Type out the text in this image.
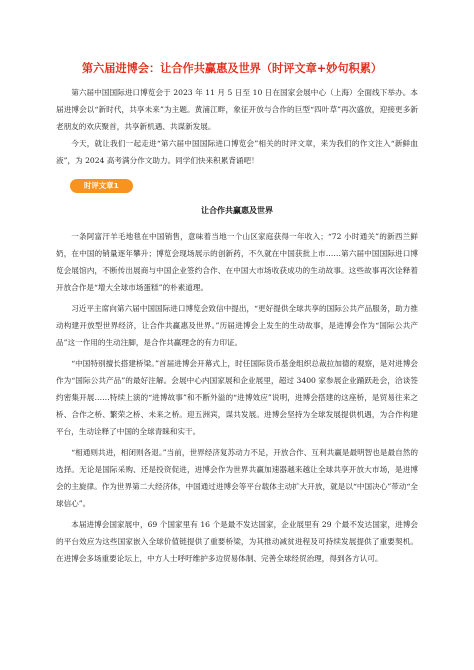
第六届进博会：让合作共赢惠及世界（时评文章+妙句积累）

第六届中国国际进口博览会于 2023 年 11 月 5 日至 10 日在国家会展中心（上海）全面线下举办。本届进博会以“新时代，共享未来”为主题。黄浦江畔，象征开放与合作的巨型“四叶草”再次盛放，迎接更多新老朋友的欢庆聚首，共享新机遇、共谋新发展。

今天，就让我们一起走进“第六届中国国际进口博览会”相关的时评文章，来为我们的作文注入“新鲜血液”，为 2024 高考满分作文助力。同学们快来积累背诵吧！

时评文章1
让合作共赢惠及世界

一条阿富汗羊毛地毯在中国销售，意味着当地一个山区家庭获得一年收入；“72 小时通关”的新西兰鲜奶，在中国的销量逐年攀升；博览会现场展示的创新药，不久就在中国获批上市……第六届中国国际进口博览会展馆内，不断传出展商与中国企业签约合作、在中国大市场收获成功的生动故事。这些故事再次诠释着开放合作是“增大全球市场蛋糕”的朴素道理。

习近平主席向第六届中国国际进口博览会致信中提出，“更好提供全球共享的国际公共产品服务，助力推动构建开放型世界经济，让合作共赢惠及世界。”历届进博会上发生的生动故事，是进博会作为“国际公共产品”这一作用的生动注脚，是合作共赢理念的有力印证。

“中国特别擅长搭建桥梁。”首届进博会开幕式上，时任国际货币基金组织总裁拉加德的观察，是对进博会作为“国际公共产品”的最好注解。会展中心内国家展和企业展里，超过 3400 家参展企业踊跃赴会，洽谈签约密集开展……特续上演的“进博故事”和不断外溢的“进博效应”说明，进博会搭建的这座桥，是贸易往来之桥、合作之桥、繁荣之桥、未来之桥。迎五洲宾，谋共发展。进博会坚持为全球发展提供机遇，为合作构建平台，生动诠释了中国的全球青睐和实干。

“相通则共进，相闭则各退。”当前，世界经济复苏动力不足，开放合作、互利共赢是最明智也是最自然的选择。无论是国际采购、还是投资促进，进博会作为世界共赢加速器越来越让全球共享开放大市场，是进博会的主旋律。作为世界第二大经济体，中国通过进博会等平台载体主动扩大开放，就是以“中国决心”带动“全球信心”。

本届进博会国家展中，69 个国家里有 16 个是最不发达国家，企业展里有 29 个最不发达国家，进博会的平台效应为这些国家嵌入全球价值链提供了重要桥梁，为其推动减贫进程及可持续发展提供了重要契机。在进博会多场重要论坛上，中方人士呼吁维护多边贸易体制、完善全球经贸治理，得到各方认可。
